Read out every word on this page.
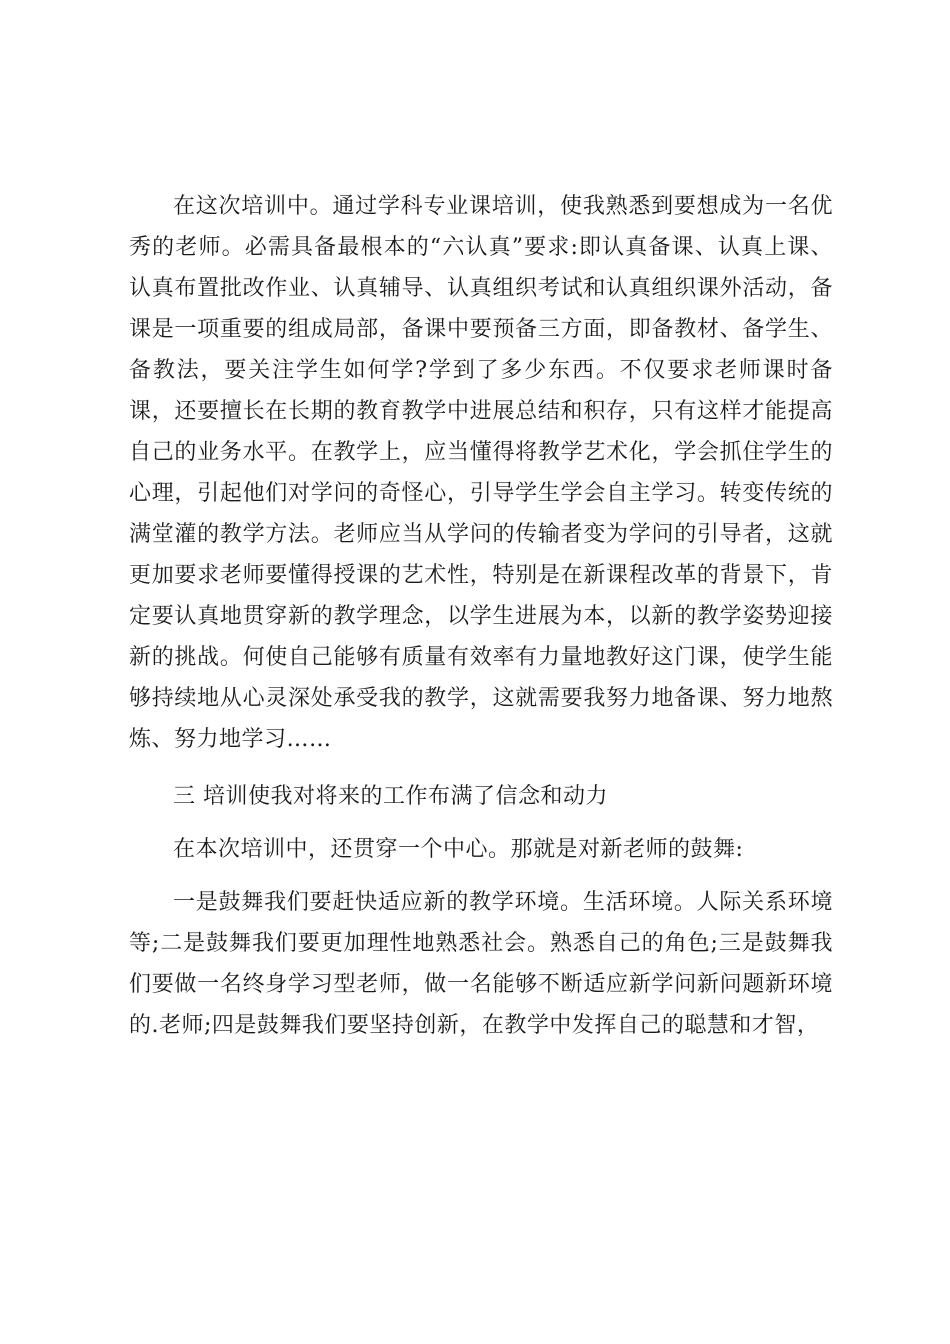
在这次培训中。通过学科专业课培训，使我熟悉到要想成为一名优秀的老师。必需具备最根本的“六认真”要求:即认真备课、认真上课、认真布置批改作业、认真辅导、认真组织考试和认真组织课外活动，备课是一项重要的组成局部，备课中要预备三方面，即备教材、备学生、备教法，要关注学生如何学?学到了多少东西。不仅要求老师课时备课，还要擅长在长期的教育教学中进展总结和积存，只有这样才能提高自己的业务水平。在教学上，应当懂得将教学艺术化，学会抓住学生的心理，引起他们对学问的奇怪心，引导学生学会自主学习。转变传统的满堂灌的教学方法。老师应当从学问的传输者变为学问的引导者，这就更加要求老师要懂得授课的艺术性，特别是在新课程改革的背景下，肯定要认真地贯穿新的教学理念，以学生进展为本，以新的教学姿势迎接新的挑战。何使自己能够有质量有效率有力量地教好这门课，使学生能够持续地从心灵深处承受我的教学，这就需要我努力地备课、努力地熬炼、努力地学习……

三 培训使我对将来的工作布满了信念和动力

在本次培训中，还贯穿一个中心。那就是对新老师的鼓舞:

一是鼓舞我们要赶快适应新的教学环境。生活环境。人际关系环境等;二是鼓舞我们要更加理性地熟悉社会。熟悉自己的角色;三是鼓舞我们要做一名终身学习型老师，做一名能够不断适应新学问新问题新环境的.老师;四是鼓舞我们要坚持创新，在教学中发挥自己的聪慧和才智，
